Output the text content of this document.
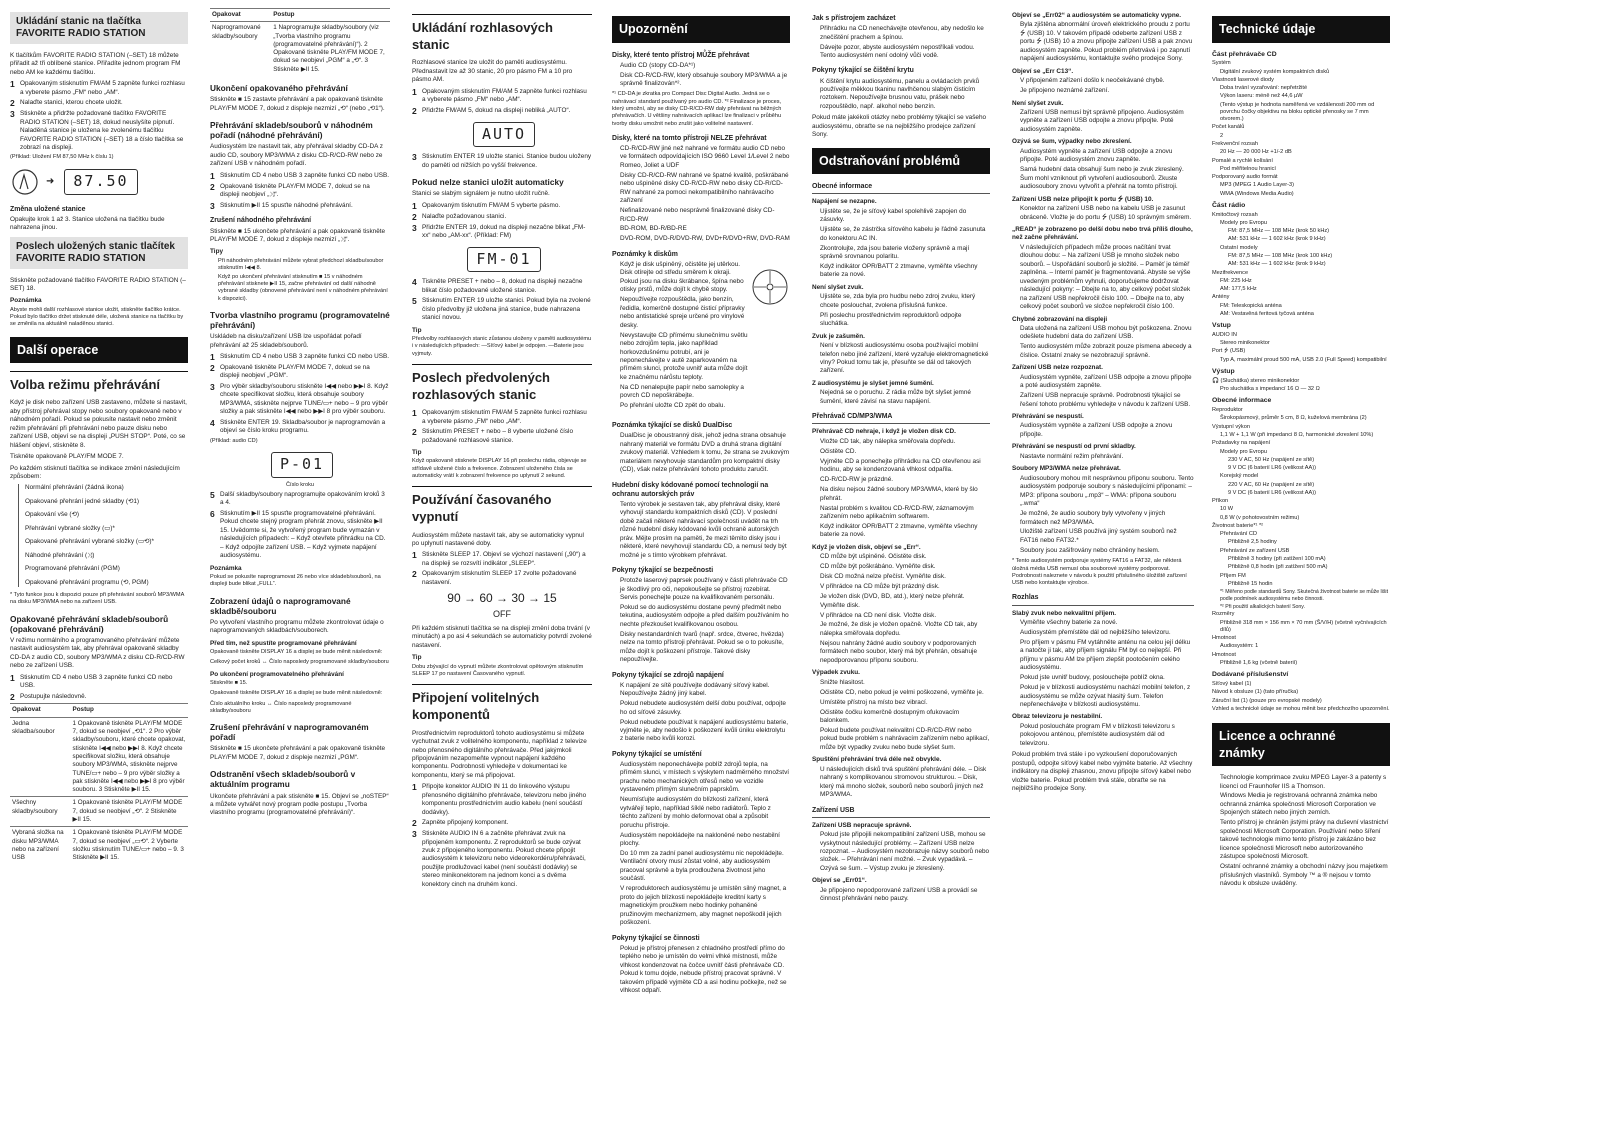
Ukládání stanic na tlačítka FAVORITE RADIO STATION

K tlačítkům FAVORITE RADIO STATION (–SET) 18 můžete přiřadit až tři oblíbené stanice. Přiřadíte jednom program FM nebo AM ke každému tlačítku.

1 Opakovaným stisknutím FM/AM 5 zapněte funkci rozhlasu a vyberete pásmo „FM“ nebo „AM“.
2 Nalaďte stanici, kterou chcete uložit.
3 Stiskněte a přidržte požadované tlačítko FAVORITE RADIO STATION (–SET) 18, dokud neuslyšíte pípnutí. Naladěná stanice je uložena ke zvolenému tlačítku FAVORITE RADIO STATION (–SET) 18 a číslo tlačítka se zobrazí na displeji.

(Příklad: Uložení FM 87,50 MHz k číslu 1)

➜	87.50
Změna uložené stanice

Opakujte krok 1 až 3. Stanice uložená na tlačítku bude nahrazena jinou.

Poslech uložených stanic tlačítek FAVORITE RADIO STATION

Stiskněte požadované tlačítko FAVORITE RADIO STATION (–SET) 18.

Poznámka

Abyste mohli další rozhlasové stanice uložit, stiskněte tlačítko krátce. Pokud bylo tlačítko držet stisknuté déle, uložená stanice na tlačítku by se změnila na aktuálně naladěnou stanici.

Další operace
Volba režimu přehrávání

Když je disk nebo zařízení USB zastaveno, můžete si nastavit, aby přístroj přehrával stopy nebo soubory opakovaně nebo v náhodném pořadí. Pokud se pokusíte nastavit nebo změnit režim přehrávání při přehrávání nebo pauze disku nebo zařízení USB, objeví se na displeji „PUSH STOP“. Poté, co se hlášení objeví, stiskněte 8.

Tiskněte opakovaně PLAY/FM MODE 7.

Po každém stisknutí tlačítka se indikace změní následujícím způsobem:

Normální přehrávání (žádná ikona)
Opakované přehrání jedné skladby (⟲1)
Opakování vše (⟲)
Přehrávání vybrané složky (▭)*
Opakované přehrávání vybrané složky (▭⟲)*
Náhodné přehrávání (⤨)
Programované přehrávání (PGM)
Opakované přehrávání programu (⟲, PGM)

* Tyto funkce jsou k dispozici pouze při přehrávání souborů MP3/WMA na disku MP3/WMA nebo na zařízení USB.

Opakované přehrávání skladeb/souborů (opakované přehrávání)

V režimu normálního a programovaného přehrávání můžete nastavit audiosystém tak, aby přehrával opakovaně skladby CD-DA z audio CD, soubory MP3/WMA z disku CD-R/CD-RW nebo ze zařízení USB.

1 Stisknutím CD 4 nebo USB 3 zapněte funkci CD nebo USB.
2 Postupujte následovně.
Opakovat	Postup
Jedna skladba/soubor	1 Opakovaně tiskněte PLAY/FM MODE 7, dokud se neobjeví „⟲1“. 2 Pro výběr skladby/souboru, které chcete opakovat, stiskněte I◀◀ nebo ▶▶I 8. Když chcete specifikovat složku, která obsahuje soubory MP3/WMA, stiskněte nejprve TUNE/▭+ nebo – 9 pro výběr složky a pak stiskněte I◀◀ nebo ▶▶I 8 pro výběr souboru. 3 Stiskněte ▶II 15.
Všechny skladby/soubory	1 Opakovaně tiskněte PLAY/FM MODE 7, dokud se neobjeví „⟲“. 2 Stiskněte ▶II 15.
Vybraná složka na disku MP3/WMA nebo na zařízení USB	1 Opakovaně tiskněte PLAY/FM MODE 7, dokud se neobjeví „▭⟲“. 2 Vyberte složku stisknutím TUNE/▭+ nebo – 9. 3 Stiskněte ▶II 15.
Opakovat	Postup
Naprogramované skladby/soubory	1 Naprogramujte skladby/soubory (viz „Tvorba vlastního programu (programovatelné přehrávání)“). 2 Opakovaně tiskněte PLAY/FM MODE 7, dokud se neobjeví „PGM“ a „⟲“. 3 Stiskněte ▶II 15.
Ukončení opakovaného přehrávání

Stiskněte ■ 15 zastavte přehrávání a pak opakovaně tiskněte PLAY/FM MODE 7, dokud z displeje nezmizí „⟲“ (nebo „⟲1“).

Přehrávání skladeb/souborů v náhodném pořadí (náhodné přehrávání)

Audiosystém lze nastavit tak, aby přehrával skladby CD-DA z audio CD, soubory MP3/WMA z disku CD-R/CD-RW nebo ze zařízení USB v náhodném pořadí.

1 Stisknutím CD 4 nebo USB 3 zapněte funkci CD nebo USB.
2 Opakovaně tiskněte PLAY/FM MODE 7, dokud se na displeji neobjeví „⤨“.
3 Stisknutím ▶II 15 spusťte náhodné přehrávání.
Zrušení náhodného přehrávání

Stiskněte ■ 15 ukončete přehrávání a pak opakovaně tiskněte PLAY/FM MODE 7, dokud z displeje nezmizí „⤨“.

Tipy
• Při náhodném přehrávání můžete vybrat předchozí skladbu/soubor stisknutím I◀◀ 8.
• Když po ukončení přehrávání stisknutím ■ 15 v náhodném přehrávání stisknete ▶II 15, začne přehrávání od další náhodně vybrané skladby (obnovené přehrávání není v náhodném přehrávání k dispozici).
Tvorba vlastního programu (programovatelné přehrávání)

Uskládeb na disku/zařízení USB lze uspořádat pořadí přehrávání až 25 skladeb/souborů.

1 Stisknutím CD 4 nebo USB 3 zapněte funkci CD nebo USB.
2 Opakovaně tiskněte PLAY/FM MODE 7, dokud se na displeji neobjeví „PGM“.
3 Pro výběr skladby/souboru stiskněte I◀◀ nebo ▶▶I 8. Když chcete specifikovat složku, která obsahuje soubory MP3/WMA, stiskněte nejprve TUNE/▭+ nebo – 9 pro výběr složky a pak stiskněte I◀◀ nebo ▶▶I 8 pro výběr souboru.
4 Stiskněte ENTER 19. Skladba/soubor je naprogramován a objeví se číslo kroku programu.

(Příklad: audio CD)

P-01
Číslo kroku
5 Další skladby/soubory naprogramujte opakováním kroků 3 a 4.
6 Stisknutím ▶II 15 spusťte programovatelné přehrávání. Pokud chcete stejný program přehrát znovu, stiskněte ▶II 15. Uvědomte si, že vytvořený program bude vymazán v následujících případech: – Když otevřete přihrádku na CD. – Když odpojíte zařízení USB. – Když vyjmete napájení audiosystému.
Poznámka

Pokud se pokusíte naprogramovat 26 nebo více skladeb/souborů, na displeji bude blikat „FULL“.

Zobrazení údajů o naprogramované skladbě/souboru

Po vytvoření vlastního programu můžete zkontrolovat údaje o naprogramovaných skladbách/souborech.

Před tím, než spustíte programované přehrávání

Opakovaně tiskněte DISPLAY 16 a displej se bude měnit následovně:

Celkový počet kroků ↔ Číslo naposledy programované skladby/souboru

Po ukončení programovatelného přehrávání

Stiskněte ■ 15.

Opakovaně tiskněte DISPLAY 16 a displej se bude měnit následovně:

Číslo aktuálního kroku ↔ Číslo naposledy programované skladby/souboru

Zrušení přehrávání v naprogramovaném pořadí

Stiskněte ■ 15 ukončete přehrávání a pak opakovaně tiskněte PLAY/FM MODE 7, dokud z displeje nezmizí „PGM“.

Odstranění všech skladeb/souborů v aktuálním programu

Ukončete přehrávání a pak stiskněte ■ 15. Objeví se „noSTEP“ a můžete vytvářet nový program podle postupu „Tvorba vlastního programu (programovatelné přehrávání)“.

Ukládání rozhlasových stanic

Rozhlasové stanice lze uložit do paměti audiosystému. Přednastavit lze až 30 stanic, 20 pro pásmo FM a 10 pro pásmo AM.

1 Opakovaným stisknutím FM/AM 5 zapněte funkci rozhlasu a vyberete pásmo „FM“ nebo „AM“.
2 Přidržte FM/AM 5, dokud na displeji nebliká „AUTO“.
AUTO
3 Stisknutím ENTER 19 uložte stanici. Stanice budou uloženy do paměti od nižších po vyšší frekvence.
Pokud nelze stanici uložit automaticky

Stanici se slabým signálem je nutno uložit ručně.

1 Opakovaným tisknutím FM/AM 5 vyberte pásmo.
2 Nalaďte požadovanou stanici.
3 Přidržte ENTER 19, dokud na displeji nezačne blikat „FM-xx“ nebo „AM-xx“. (Příklad: FM)
FM-01
4 Tiskněte PRESET + nebo – 8, dokud na displeji nezačne blikat číslo požadované uložené stanice.
5 Stisknutím ENTER 19 uložte stanici. Pokud byla na zvolené číslo předvolby již uložena jiná stanice, bude nahrazena stanicí novou.
Tip

Předvolby rozhlasových stanic zůstanou uloženy v paměti audiosystému i v následujících případech: —Síťový kabel je odpojen. —Baterie jsou vyjmuty.

Poslech předvolených rozhlasových stanic
1 Opakovaným stisknutím FM/AM 5 zapněte funkci rozhlasu a vyberete pásmo „FM“ nebo „AM“.
2 Stisknutím PRESET + nebo – 8 vyberte uložené číslo požadované rozhlasové stanice.
Tip

Když opakovaně stisknete DISPLAY 16 při poslechu rádia, objevuje se střídavě uložené číslo a frekvence. Zobrazení uloženého čísla se automaticky vrátí k zobrazení frekvence po uplynutí 2 sekund.

Používání časovaného vypnutí

Audiosystém můžete nastavit tak, aby se automaticky vypnul po uplynutí nastavené doby.

1 Stiskněte SLEEP 17. Objeví se výchozí nastavení („90“) a na displeji se rozsvítí indikátor „SLEEP“.
2 Opakovaným stisknutím SLEEP 17 zvolte požadované nastavení.
90 → 60 → 30 → 15
OFF

Při každém stisknutí tlačítka se na displeji změní doba trvání (v minutách) a po asi 4 sekundách se automaticky potvrdí zvolené nastavení.

Tip

Dobu zbývající do vypnutí můžete zkontrolovat opětovným stisknutím SLEEP 17 po nastavení Časovaného vypnutí.

Připojení volitelných komponentů

Prostřednictvím reproduktorů tohoto audiosystému si můžete vychutnat zvuk z volitelného komponentu, například z televize nebo přenosného digitálního přehrávače. Před jakýmkoli připojováním nezapomeňte vypnout napájení každého komponentu. Podrobnosti vyhledejte v dokumentaci ke komponentu, který se má připojovat.

1 Připojte konektor AUDIO IN 11 do linkového výstupu přenosného digitálního přehrávače, televizoru nebo jiného komponentu prostřednictvím audio kabelu (není součástí dodávky).
2 Zapněte připojený komponent.
3 Stiskněte AUDIO IN 6 a začněte přehrávat zvuk na připojeném komponentu. Z reproduktorů se bude ozývat zvuk z připojeného komponentu. Pokud chcete připojit audiosystém k televizoru nebo videorekordéru/přehrávači, použijte prodlužovací kabel (není součástí dodávky) se stereo minikonektorem na jednom konci a s dvěma konektory cinch na druhém konci.
Upozornění
Disky, které tento přístroj MŮŽE přehrávat
• Audio CD (stopy CD-DA*¹)
• Disk CD-R/CD-RW, který obsahuje soubory MP3/WMA a je správně finalizován*².

*¹ CD-DA je zkratka pro Compact Disc Digital Audio. Jedná se o nahrávací standard používaný pro audio CD. *² Finalizace je proces, který umožní, aby se disky CD-R/CD-RW daly přehrávat na běžných přehrávačích. U většiny nahrávacích aplikací lze finalizaci v průběhu tvorby disku umožnit nebo zrušit jako volitelné nastavení.

Disky, které na tomto přístroji NELZE přehrávat
• CD-R/CD-RW jiné než nahrané ve formátu audio CD nebo ve formátech odpovídajících ISO 9660 Level 1/Level 2 nebo Romeo, Joliet a UDF
• Disky CD-R/CD-RW nahrané ve špatné kvalitě, poškrábané nebo ušpiněné disky CD-R/CD-RW nebo disky CD-R/CD-RW nahrané za pomoci nekompatibilního nahrávacího zařízení
• Nefinalizované nebo nesprávně finalizované disky CD-R/CD-RW
• BD-ROM, BD-R/BD-RE
• DVD-ROM, DVD-R/DVD-RW, DVD+R/DVD+RW, DVD-RAM
Poznámky k diskům
• Když je disk ušpiněný, očistěte jej utěrkou. Disk otírejte od středu směrem k okraji. Pokud jsou na disku škrábance, špína nebo otisky prstů, může dojít k chybě stopy.
• Nepoužívejte rozpouštědla, jako benzín, ředidla, komerčně dostupné čisticí přípravky nebo antistatické spreje určené pro vinylové desky.
• Nevystavujte CD přímému slunečnímu světlu nebo zdrojům tepla, jako například horkovzdušnému potrubí, ani je neponechávejte v autě zaparkovaném na přímém slunci, protože uvnitř auta může dojít ke značnému nárůstu teploty.
• Na CD nenalepujte papír nebo samolepky a povrch CD nepoškrábejte.
• Po přehrání uložte CD zpět do obalu.
Poznámka týkající se disků DualDisc
• DualDisc je oboustranný disk, jehož jedna strana obsahuje nahraný materiál ve formátu DVD a druhá strana digitální zvukový materiál. Vzhledem k tomu, že strana se zvukovým materiálem nevyhovuje standardům pro kompaktní disky (CD), však nelze přehrávání tohoto produktu zaručit.
Hudební disky kódované pomocí technologií na ochranu autorských práv
• Tento výrobek je sestaven tak, aby přehrával disky, které vyhovují standardu kompaktních disků (CD). V poslední době začali některé nahrávací společnosti uvádět na trh různé hudební disky kódované kvůli ochraně autorských práv. Mějte prosím na paměti, že mezi těmito disky jsou i některé, které nevyhovují standardu CD, a nemusí tedy být možné je s tímto výrobkem přehrávat.
Pokyny týkající se bezpečnosti
• Protože laserový paprsek používaný v části přehrávače CD je škodlivý pro oči, nepokoušejte se přístroj rozebírat. Servis ponechejte pouze na kvalifikovaném personálu.
• Pokud se do audiosystému dostane pevný předmět nebo tekutina, audiosystém odpojte a před dalším používáním ho nechte přezkoušet kvalifikovanou osobou.
• Disky nestandardních tvarů (např. srdce, čtverec, hvězda) nelze na tomto přístroji přehrávat. Pokud se o to pokusíte, může dojít k poškození přístroje. Takové disky nepoužívejte.
Pokyny týkající se zdrojů napájení
• K napájení ze sítě používejte dodávaný síťový kabel. Nepoužívejte žádný jiný kabel.
• Pokud nebudete audiosystém delší dobu používat, odpojte ho od síťové zásuvky.
• Pokud nebudete používat k napájení audiosystému baterie, vyjměte je, aby nedošlo k poškození kvůli úniku elektrolytu z baterie nebo kvůli korozi.
Pokyny týkající se umístění
• Audiosystém neponechávejte poblíž zdrojů tepla, na přímém slunci, v místech s výskytem nadměrného množství prachu nebo mechanických otřesů nebo ve vozidle vystaveném přímým slunečním paprskům.
• Neumísťujte audiosystém do blízkosti zařízení, která vytvářejí teplo, například šíklé nebo radiátorů. Teplo z těchto zařízení by mohlo deformovat obal a způsobit poruchu přístroje.
• Audiosystém nepokládejte na nakloněné nebo nestabilní plochy.
• Do 10 mm za zadní panel audiosystému nic nepokládejte. Ventilační otvory musí zůstat volné, aby audiosystém pracoval správně a byla prodloužena životnost jeho součástí.
• V reproduktorech audiosystému je umístěn silný magnet, a proto do jejich blízkosti nepokládejte kreditní karty s magnetickým proužkem nebo hodinky pohaněné pružinovým mechanizmem, aby magnet nepoškodil jejich poškození.
Pokyny týkající se činnosti
• Pokud je přístroj přenesen z chladného prostředí přímo do teplého nebo je umístěn do velmi vlhké místnosti, může vlhkost kondenzovat na čočce uvnitř části přehrávače CD. Pokud k tomu dojde, nebude přístroj pracovat správně. V takovém případě vyjměte CD a asi hodinu počkejte, než se vlhkost odpaří.
Jak s přístrojem zacházet
• Přihrádku na CD nenechávejte otevřenou, aby nedošlo ke znečištění prachem a špínou.
• Dávejte pozor, abyste audiosystém nepostříkali vodou. Tento audiosystém není odolný vůči vodě.
Pokyny týkající se čištění krytu
• K čištění krytu audiosystému, panelu a ovládacích prvků používejte měkkou tkaninu navlhčenou slabým čisticím roztokem. Nepoužívejte brusnou vatu, prášek nebo rozpouštědlo, např. alkohol nebo benzín.

Pokud máte jakékoli otázky nebo problémy týkající se vašeho audiosystému, obraťte se na nejbližšího prodejce zařízení Sony.

Odstraňování problémů
Obecné informace
Napájení se nezapne.
• Ujistěte se, že je síťový kabel spolehlivě zapojen do zásuvky.
• Ujistěte se, že zástrčka síťového kabelu je řádně zasunuta do konektoru AC IN.
• Zkontrolujte, zda jsou baterie vloženy správně a mají správně srovnanou polaritu.
• Když indikátor OPR/BATT 2 ztmavne, vyměňte všechny baterie za nové.
Není slyšet zvuk.
• Ujistěte se, zda byla pro hudbu nebo zdroj zvuku, který chcete poslouchat, zvolena příslušná funkce.
• Při poslechu prostřednictvím reproduktorů odpojte sluchátka.
Zvuk je zašuměn.
• Není v blízkosti audiosystému osoba používající mobilní telefon nebo jiné zařízení, které vyzařuje elektromagnetické vlny? Pokud tomu tak je, přesuňte se dál od takových zařízení.
Z audiosystému je slyšet jemné šumění.
• Nejedná se o poruchu. Z rádia může být slyšet jemné šumění, které závisí na stavu napájení.
Přehrávač CD/MP3/WMA
Přehrávač CD nehraje, i když je vložen disk CD.
• Vložte CD tak, aby nálepka směřovala dopředu.
• Očistěte CD.
• Vyjměte CD a ponechejte přihrádku na CD otevřenou asi hodinu, aby se kondenzovaná vlhkost odpařila.
• CD-R/CD-RW je prázdné.
• Na disku nejsou žádné soubory MP3/WMA, které by šlo přehrát.
• Nastal problém s kvalitou CD-R/CD-RW, záznamovým zařízením nebo aplikačním softwarem.
• Když indikátor OPR/BATT 2 ztmavne, vyměňte všechny baterie za nové.
Když je vložen disk, objeví se „Err“.
• CD může být ušpiněné. Očistěte disk.
• CD může být poškrábáno. Vyměňte disk.
• Disk CD možná nelze přečíst. Vyměňte disk.
• V přihrádce na CD může být prázdný disk.
• Je vložen disk (DVD, BD, atd.), který nelze přehrát. Vyměňte disk.
• V přihrádce na CD není disk. Vložte disk.
• Je možné, že disk je vložen opačně. Vložte CD tak, aby nálepka směřovala dopředu.
• Nejsou nahrány žádné audio soubory v podporovaných formátech nebo soubor, který má být přehrán, obsahuje nepodporovanou příponu souboru.
Výpadek zvuku.
• Snižte hlasitost.
• Očistěte CD, nebo pokud je velmi poškozené, vyměňte je.
• Umístěte přístroj na místo bez vibrací.
• Očistěte čočku komerčně dostupným ofukovacím balonkem.
• Pokud budete používat nekvalitní CD-R/CD-RW nebo pokud bude problém s nahrávacím zařízením nebo aplikací, může být vypadky zvuku nebo bude slyšet šum.
Spuštění přehrávání trvá déle než obvykle.
• U následujících disků trvá spuštění přehrávání déle. – Disk nahraný s komplikovanou stromovou strukturou. – Disk, který má mnoho složek, souborů nebo souborů jiných než MP3/WMA.
Zařízení USB
Zařízení USB nepracuje správně.
• Pokud jste připojili nekompatibilní zařízení USB, mohou se vyskytnout následující problémy. – Zařízení USB nelze rozpoznat. – Audiosystém nezobrazuje názvy souborů nebo složek. – Přehrávání není možné. – Zvuk vypadává. – Ozývá se šum. – Výstup zvuku je zkreslený.
Objeví se „Err01“.
• Je připojeno nepodporované zařízení USB a provádí se činnost přehrávání nebo pauzy.
Objeví se „Err02“ a audiosystém se automaticky vypne.
• Byla zjištěna abnormální úroveň elektrického proudu z portu ⭍ (USB) 10. V takovém případě odeberte zařízení USB z portu ⭍ (USB) 10 a znovu připojte zařízení USB a pak znovu audiosystém zapněte. Pokud problém přetrvává i po zapnutí napájení audiosystému, kontaktujte svého prodejce Sony.
Objeví se „Err C13“.
• V připojeném zařízení došlo k neočekávané chybě.
• Je připojeno neznámé zařízení.
Není slyšet zvuk.
• Zařízení USB nemusí být správně připojeno. Audiosystém vypněte a zařízení USB odpojte a znovu připojte. Poté audiosystém zapněte.
Ozývá se šum, výpadky nebo zkreslení.
• Audiosystém vypněte a zařízení USB odpojte a znovu připojte. Poté audiosystém znovu zapněte.
• Samá hudební data obsahují šum nebo je zvuk zkreslený. Šum mohl vzniknout při vytvoření audiosouborů. Zkuste audiosoubory znovu vytvořit a přehrát na tomto přístroji.
Zařízení USB nelze připojit k portu ⭍ (USB) 10.
• Konektor na zařízení USB nebo na kabelu USB je zasunut obráceně. Vložte je do portu ⭍ (USB) 10 správným směrem.
„READ“ je zobrazeno po delší dobu nebo trvá příliš dlouho, než začne přehrávání.
• V následujících případech může proces načítání trvat dlouhou dobu: – Na zařízení USB je mnoho složek nebo souborů. – Uspořádání souborů je složité. – Paměť je téměř zaplněna. – Interní paměť je fragmentovaná. Abyste se výše uvedeným problémům vyhnuli, doporučujeme dodržovat následující pokyny: – Dbejte na to, aby celkový počet složek na zařízení USB nepřekročil číslo 100. – Dbejte na to, aby celkový počet souborů ve složce nepřekročil číslo 100.
Chybné zobrazování na displeji
• Data uložená na zařízení USB mohou být poškozena. Znovu odešlete hudební data do zařízení USB.
• Tento audiosystém může zobrazit pouze písmena abecedy a číslice. Ostatní znaky se nezobrazují správně.
Zařízení USB nelze rozpoznat.
• Audiosystém vypněte, zařízení USB odpojte a znovu připojte a poté audiosystém zapněte.
• Zařízení USB nepracuje správně. Podrobnosti týkající se řešení tohoto problému vyhledejte v návodu k zařízení USB.
Přehrávání se nespustí.
• Audiosystém vypněte a zařízení USB odpojte a znovu připojte.
Přehrávání se nespustí od první skladby.
• Nastavte normální režim přehrávání.
Soubory MP3/WMA nelze přehrávat.
• Audiosoubory mohou mít nesprávnou příponu souboru. Tento audiosystém podporuje soubory s následujícími příponami: – MP3: přípona souboru „.mp3“ – WMA: přípona souboru „.wma“
• Je možné, že audio soubory byly vytvořeny v jiných formátech než MP3/WMA.
• Uložiště zařízení USB používá jiný systém souborů než FAT16 nebo FAT32.*
• Soubory jsou zašifrovány nebo chráněny heslem.

* Tento audiosystém podporuje systémy FAT16 a FAT32, ale některá úložná média USB nemusí oba souborové systémy podporovat. Podrobnosti naleznete v návodu k použití příslušného úložiště zařízení USB nebo kontaktujte výrobce.

Rozhlas
Slabý zvuk nebo nekvalitní příjem.
• Vyměňte všechny baterie za nové.
• Audiosystém přemístěte dál od nejbližšího televizoru.
• Pro příjem v pásmu FM vytáhněte anténu na celou její délku a natočte ji tak, aby příjem signálu FM byl co nejlepší. Při příjmu v pásmu AM lze příjem zlepšit pootočením celého audiosystému.
• Pokud jste uvnitř budovy, poslouchejte poblíž okna.
• Pokud je v blízkosti audiosystému nachází mobilní telefon, z audiosystému se může ozývat hlasitý šum. Telefon nepřenechávejte v blízkosti audiosystému.
Obraz televizoru je nestabilní.
• Pokud posloucháte program FM v blízkosti televizoru s pokojovou anténou, přemístěte audiosystém dál od televizoru.

Pokud problém trvá stále i po vyzkoušení doporučovaných postupů, odpojte síťový kabel nebo vyjměte baterie. Až všechny indikátory na displeji zhasnou, znovu připojte síťový kabel nebo vložte baterie. Pokud problém trvá stále, obraťte se na nejbližšího prodejce Sony.

Technické údaje
Část přehrávače CD

Systém

Digitální zvukový systém kompaktních disků

Vlastnosti laserové diody

Doba trvání vyzařování: nepřetržité

Výkon laseru: méně než 44,6 µW

(Tento výstup je hodnota naměřená ve vzdálenosti 200 mm od povrchu čočky objektivu na bloku optické přenosky se 7 mm otvorem.)

Počet kanálů

2

Frekvenční rozsah

20 Hz — 20 000 Hz +1/-2 dB

Pomalé a rychlé kolísání

Pod měřitelnou hranicí

Podporovaný audio formát

MP3 (MPEG 1 Audio Layer-3)

WMA (Windows Media Audio)

Část rádio

Kmitočtový rozsah

Modely pro Evropu

FM: 87,5 MHz — 108 MHz (krok 50 kHz)

AM: 531 kHz — 1 602 kHz (krok 9 kHz)

Ostatní modely

FM: 87,5 MHz — 108 MHz (krok 100 kHz)

AM: 531 kHz — 1 602 kHz (krok 9 kHz)

Mezifrekvence

FM: 225 kHz

AM: 177,5 kHz

Antény

FM: Teleskopická anténa

AM: Vestavěná feritová tyčová anténa

Vstup

AUDIO IN

Stereo minikonektor

Port ⭍ (USB)

Typ A, maximální proud 500 mA, USB 2.0 (Full Speed) kompatibilní

Výstup

🎧 (Sluchátka) stereo minikonektor

Pro sluchátka s impedancí 16 Ω — 32 Ω

Obecné informace

Reproduktor

Širokopásmový, průměr 5 cm, 8 Ω, kuželová membrána (2)

Výstupní výkon

1,1 W + 1,1 W (při impedanci 8 Ω, harmonické zkreslení 10%)

Požadavky na napájení

Modely pro Evropu

230 V AC, 50 Hz (napájení ze sítě)

9 V DC (6 baterií LR6 (velikost AA))

Korejský model

220 V AC, 60 Hz (napájení ze sítě)

9 V DC (6 baterií LR6 (velikost AA))

Příkon

10 W

0,8 W (v pohotovostním režimu)

Životnost baterie*¹ *²

Přehrávání CD

Přibližně 2,5 hodiny

Přehrávání ze zařízení USB

Přibližně 3 hodiny (při zatížení 100 mA)

Přibližně 0,8 hodin (při zatížení 500 mA)

Příjem FM

Přibližně 15 hodin

*¹ Měřeno podle standardů Sony. Skutečná životnost baterie se může lišit podle podmínek audiosystému nebo činnosti.

*² Při použití alkalických baterií Sony.

Rozměry

Přibližně 318 mm × 156 mm × 70 mm (Š/V/H) (včetně vyčnívajících dílů)

Hmotnost

Audiosystém: 1

Hmotnost

Přibližně 1,6 kg (včetně baterií)

Dodávané příslušenství

Síťový kabel (1)

Návod k obsluze (1) (tato příručka)

Záruční list (1) (pouze pro evropské modely)

Vzhled a technické údaje se mohou měnit bez předchozího upozornění.

Licence a ochranné známky
• Technologie komprimace zvuku MPEG Layer-3 a patenty s licencí od Fraunhofer IIS a Thomson.
• Windows Media je registrovaná ochranná známka nebo ochranná známka společnosti Microsoft Corporation ve Spojených státech nebo jiných zemích.
• Tento přístroj je chráněn jistými právy na duševní vlastnictví společnosti Microsoft Corporation. Používání nebo šíření takové technologie mimo tento přístroj je zakázáno bez licence společnosti Microsoft nebo autorizovaného zástupce společnosti Microsoft.
• Ostatní ochranné známky a obchodní názvy jsou majetkem příslušných vlastníků. Symboly ™ a ® nejsou v tomto návodu k obsluze uváděny.
